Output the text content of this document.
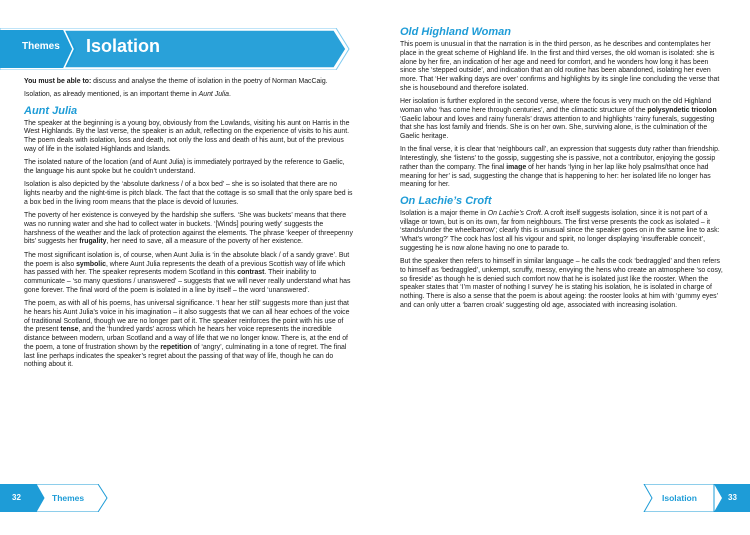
Themes Isolation

You must be able to: discuss and analyse the theme of isolation in the poetry of Norman MacCaig.

Isolation, as already mentioned, is an important theme in Aunt Julia.

Aunt Julia

The speaker at the beginning is a young boy, obviously from the Lowlands, visiting his aunt on Harris in the West Highlands. By the last verse, the speaker is an adult, reflecting on the experience of visits to his aunt. The poem deals with isolation, loss and death, not only the loss and death of his aunt, but of the previous way of life in the isolated Highlands and Islands.

The isolated nature of the location (and of Aunt Julia) is immediately portrayed by the reference to Gaelic, the language his aunt spoke but he couldn’t understand.

Isolation is also depicted by the ‘absolute darkness / of a box bed’ – she is so isolated that there are no lights nearby and the night-time is pitch black. The fact that the cottage is so small that the only spare bed is a box bed in the living room means that the place is devoid of luxuries.

The poverty of her existence is conveyed by the hardship she suffers. ‘She was buckets’ means that there was no running water and she had to collect water in buckets. ‘[Winds] pouring wetly’ suggests the harshness of the weather and the lack of protection against the elements. The phrase ‘keeper of threepenny bits’ suggests her frugality, her need to save, all a measure of the poverty of her existence.

The most significant isolation is, of course, when Aunt Julia is ‘in the absolute black / of a sandy grave’. But the poem is also symbolic, where Aunt Julia represents the death of a previous Scottish way of life which has passed with her. The speaker represents modern Scotland in this contrast. Their inability to communicate – ‘so many questions / unanswered’ – suggests that we will never really understand what has gone forever. The final word of the poem is isolated in a line by itself – the word ‘unanswered’.

The poem, as with all of his poems, has universal significance. ‘I hear her still’ suggests more than just that he hears his Aunt Julia’s voice in his imagination – it also suggests that we can all hear echoes of the voice of traditional Scotland, though we are no longer part of it. The speaker reinforces the point with his use of the present tense, and the ‘hundred yards’ across which he hears her voice represents the incredible distance between modern, urban Scotland and a way of life that we no longer know. There is, at the end of the poem, a tone of frustration shown by the repetition of ‘angry’, culminating in a tone of regret. The final last line perhaps indicates the speaker’s regret about the passing of that way of life, though he can do nothing about it.

32	Themes
Old Highland Woman

This poem is unusual in that the narration is in the third person, as he describes and contemplates her place in the great scheme of Highland life. In the first and third verses, the old woman is isolated: she is alone by her fire, an indication of her age and need for comfort, and he wonders how long it has been since she ‘stepped outside’, and indication that an old routine has been abandoned, isolating her even more. That ‘Her walking days are over’ confirms and highlights by its single line concluding the verse that she is housebound and therefore isolated.

Her isolation is further explored in the second verse, where the focus is very much on the old Highland woman who ‘has come here through centuries’, and the climactic structure of the polysyndetic tricolon ‘Gaelic labour and loves and rainy funerals’ draws attention to and highlights ‘rainy funerals, suggesting that she has lost family and friends. She is on her own. She, surviving alone, is the culmination of the Gaelic heritage.

In the final verse, it is clear that ‘neighbours call’, an expression that suggests duty rather than friendship. Interestingly, she ‘listens’ to the gossip, suggesting she is passive, not a contributor, enjoying the gossip rather than the company. The final image of her hands ‘lying in her lap like holy psalms/that once had meaning for her’ is sad, suggesting the change that is happening to her: her isolated life no longer has meaning for her.

On Lachie’s Croft

Isolation is a major theme in On Lachie’s Croft. A croft itself suggests isolation, since it is not part of a village or town, but is on its own, far from neighbours. The first verse presents the cock as isolated – it ‘stands/under the wheelbarrow’; clearly this is unusual since the speaker goes on in the same line to ask: ‘What’s wrong?’ The cock has lost all his vigour and spirit, no longer displaying ‘insufferable conceit’, suggesting he is now alone having no one to parade to.

But the speaker then refers to himself in similar language – he calls the cock ‘bedraggled’ and then refers to himself as ‘bedraggled’, unkempt, scruffy, messy, envying the hens who create an atmosphere ‘so cosy, so fireside’ as though he is denied such comfort now that he is isolated just like the rooster. When the speaker states that ‘I’m master of nothing I survey’ he is stating his isolation, he is isolated in charge of nothing. There is also a sense that the poem is about ageing: the rooster looks at him with ‘gummy eyes’ and can only utter a ‘barren croak’ suggesting old age, associated with increasing isolation.

Isolation	33
